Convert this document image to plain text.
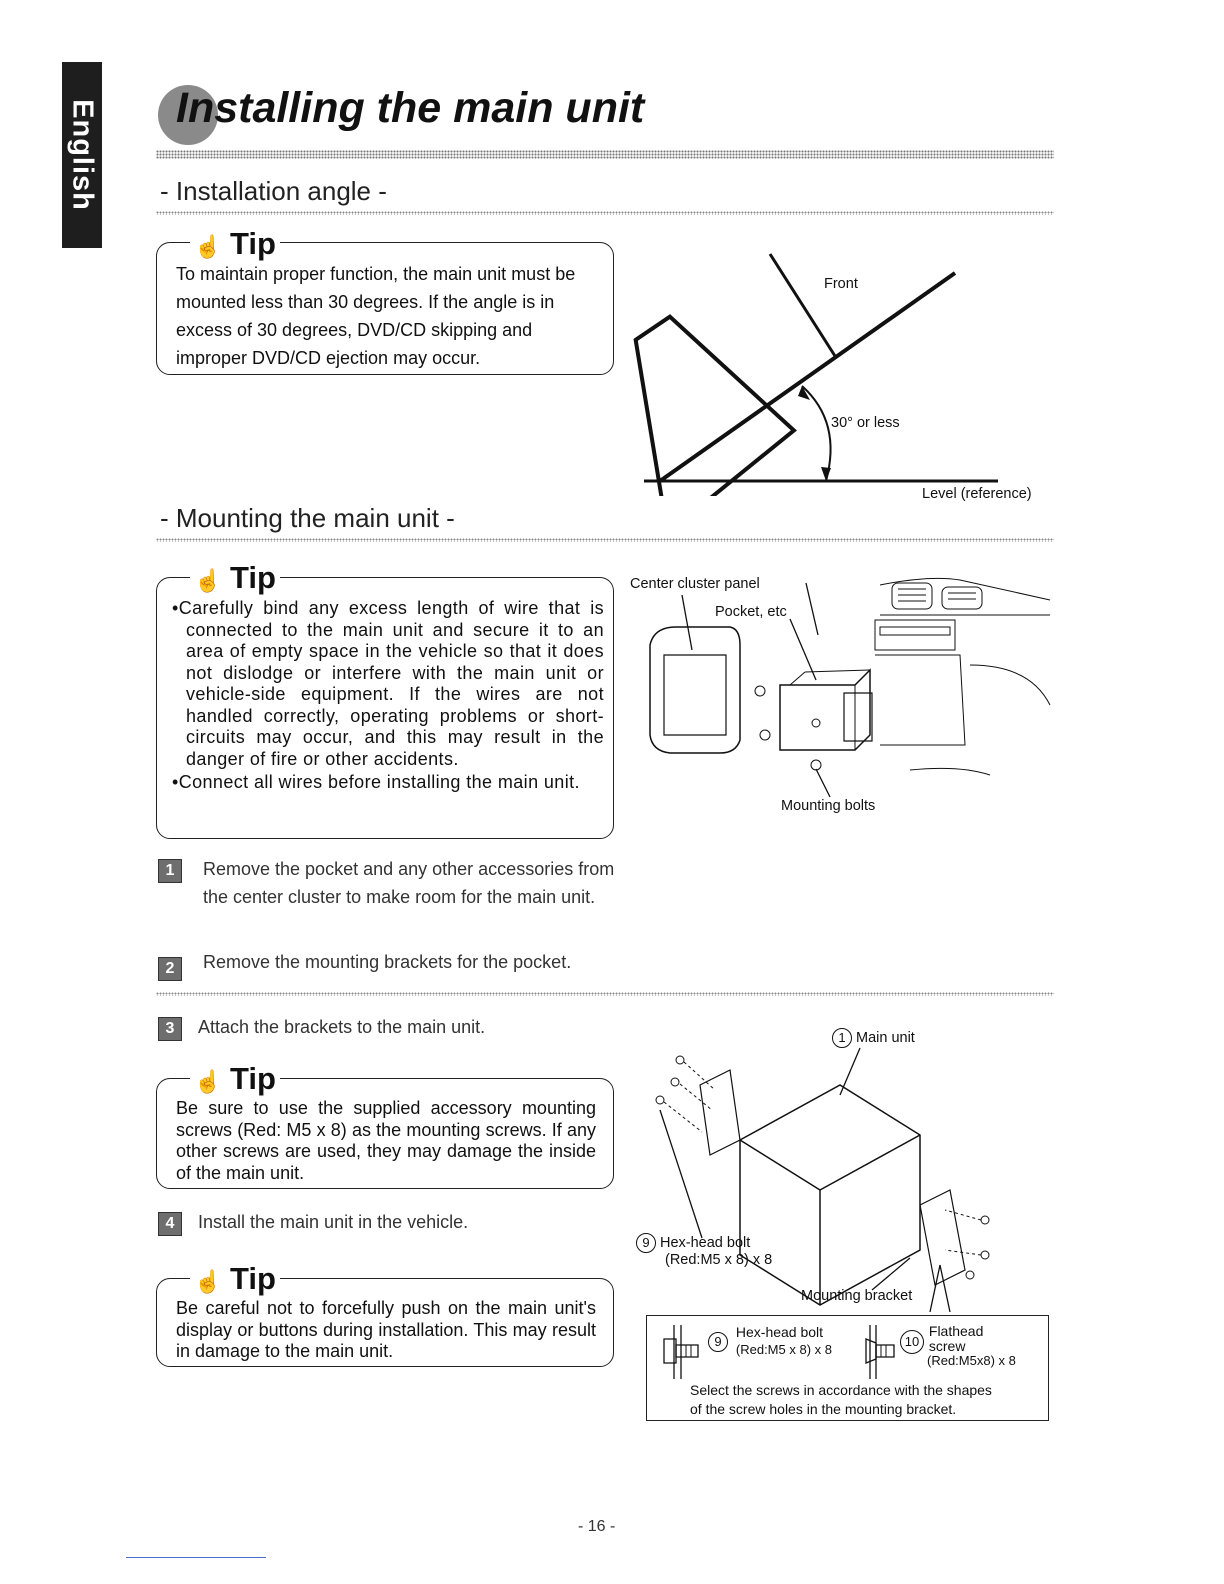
English Installing the main unit
- Installation angle -
☝ Tip
To maintain proper function, the main unit must be
mounted less than 30 degrees. If the angle is in
excess of 30 degrees, DVD/CD skipping and
improper DVD/CD ejection may occur.
Front
30° or less
Level (reference)
- Mounting the main unit -
☝ Tip
•Carefully bind any excess length of wire that is connected to the main unit and secure it to an area of empty space in the vehicle so that it does not dislodge or interfere with the main unit or vehicle-side equipment. If the wires are not handled correctly, operating problems or short-circuits may occur, and this may result in the danger of fire or other accidents.
•Connect all wires before installing the main unit.
Center cluster panel
Pocket, etc
Mounting bolts
1	Remove the pocket and any other accessories from the center cluster to make room for the main unit.
2	Remove the mounting brackets for the pocket.
3	Attach the brackets to the main unit.
☝ Tip
Be sure to use the supplied accessory mounting screws (Red: M5 x 8) as the mounting screws. If any other screws are used, they may damage the inside of the main unit.
4	Install the main unit in the vehicle.
☝ Tip
Be careful not to forcefully push on the main unit's display or buttons during installation. This may result in damage to the main unit.
1 Main unit
9 Hex-head bolt
(Red:M5 x 8) x 8
Mounting bracket
9
Hex-head bolt
(Red:M5 x 8) x 8
10
Flathead
screw
(Red:M5x8) x 8
Select the screws in accordance with the shapes
of the screw holes in the mounting bracket.
- 16 -
